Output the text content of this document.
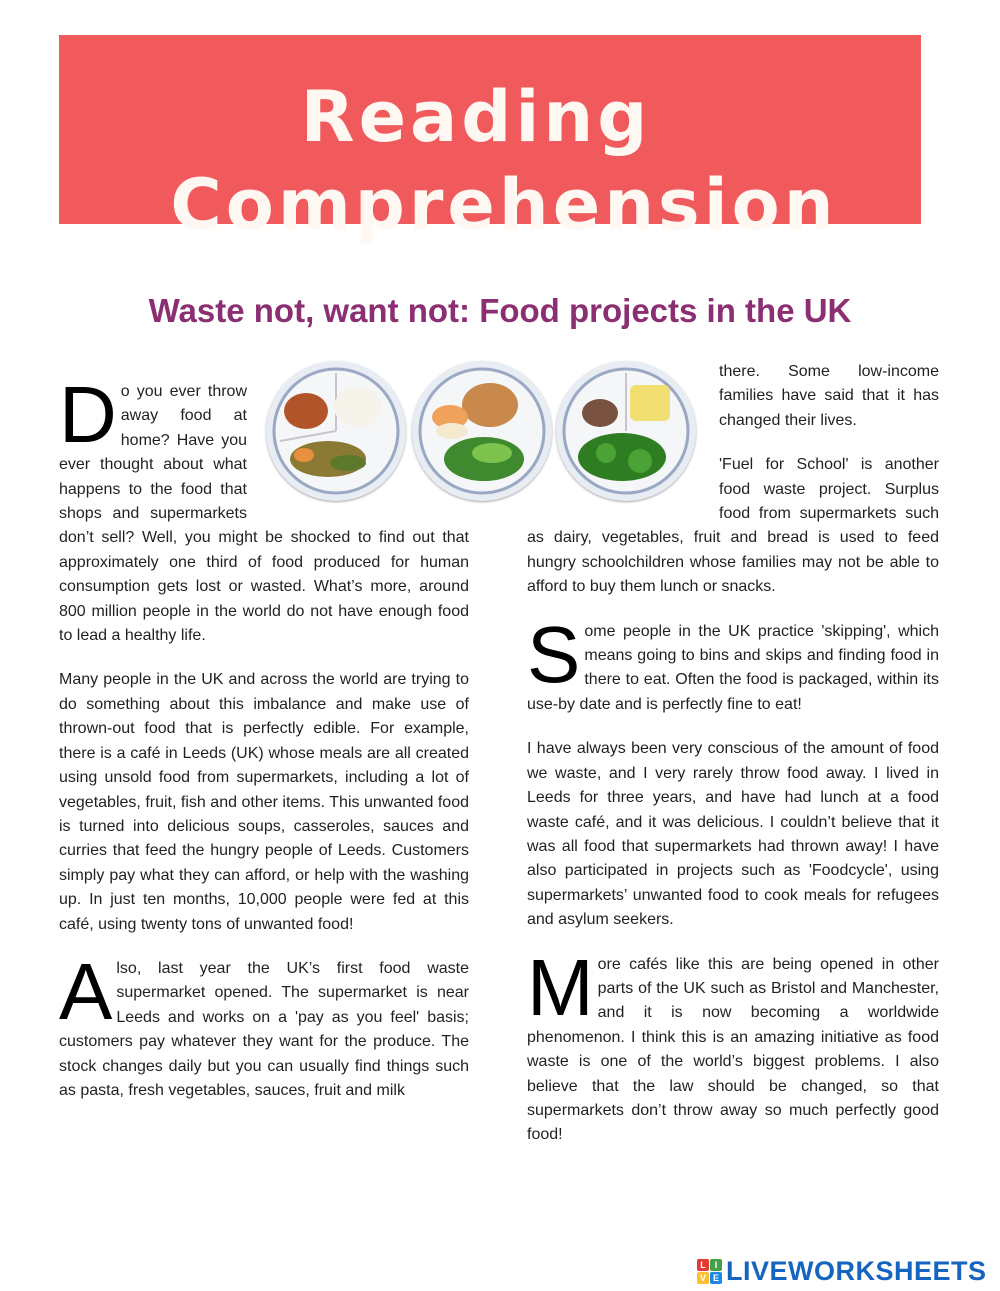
Reading
Comprehension
Waste not, want not: Food projects in the UK

Do you ever throw away food at home? Have you ever thought about what happens to the food that shops and supermarkets don’t sell? Well, you might be shocked to find out that approximately one third of food produced for human consumption gets lost or wasted. What’s more, around 800 million people in the world do not have enough food to lead a healthy life.

Many people in the UK and across the world are trying to do something about this imbalance and make use of thrown-out food that is perfectly edible. For example, there is a café in Leeds (UK) whose meals are all created using unsold food from supermarkets, including a lot of vegetables, fruit, fish and other items. This unwanted food is turned into delicious soups, casseroles, sauces and curries that feed the hungry people of Leeds. Customers simply pay what they can afford, or help with the washing up. In just ten months, 10,000 people were fed at this café, using twenty tons of unwanted food!

Also, last year the UK’s first food waste supermarket opened. The supermarket is near Leeds and works on a 'pay as you feel' basis; customers pay whatever they want for the produce. The stock changes daily but you can usually find things such as pasta, fresh vegetables, sauces, fruit and milk

there. Some low-income families have said that it has changed their lives.

'Fuel for School' is another food waste project. Surplus food from supermarkets such as dairy, vegetables, fruit and bread is used to feed hungry schoolchildren whose families may not be able to afford to buy them lunch or snacks.

Some people in the UK practice 'skipping', which means going to bins and skips and finding food in there to eat. Often the food is packaged, within its use-by date and is perfectly fine to eat!

I have always been very conscious of the amount of food we waste, and I very rarely throw food away. I lived in Leeds for three years, and have had lunch at a food waste café, and it was delicious. I couldn’t believe that it was all food that supermarkets had thrown away! I have also participated in projects such as 'Foodcycle', using supermarkets’ unwanted food to cook meals for refugees and asylum seekers.

More cafés like this are being opened in other parts of the UK such as Bristol and Manchester, and it is now becoming a worldwide phenomenon. I think this is an amazing initiative as food waste is one of the world’s biggest problems. I also believe that the law should be changed, so that supermarkets don’t throw away so much perfectly good food!

L I
V E LIVEWORKSHEETS
